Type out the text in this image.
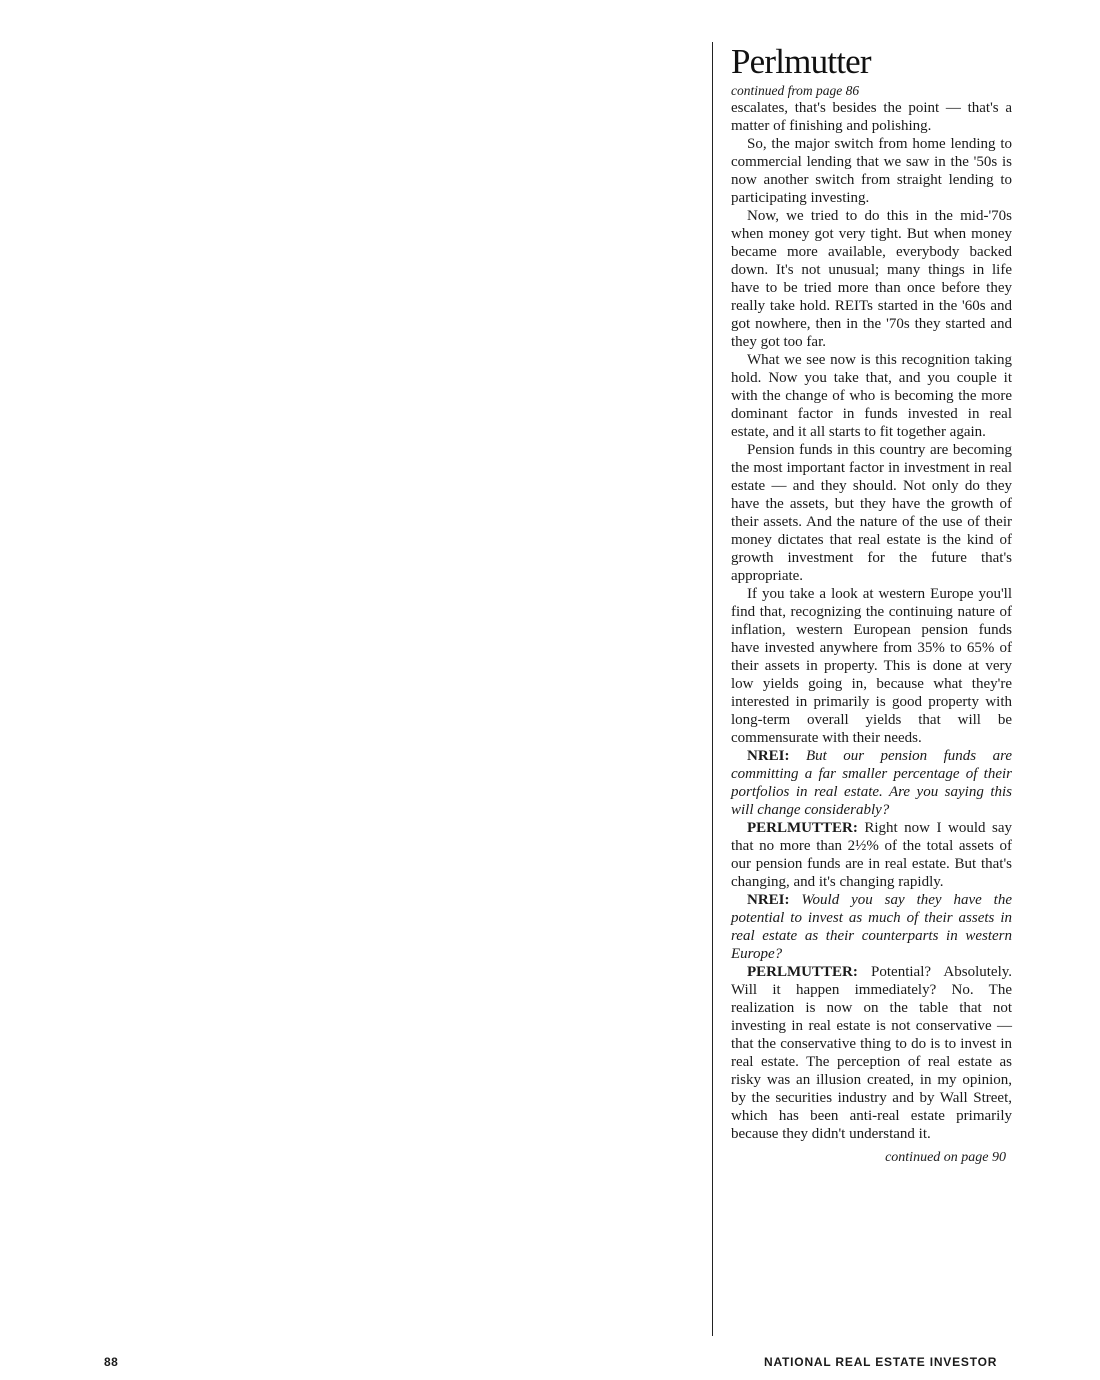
Perlmutter

continued from page 86

escalates, that's besides the point — that's a matter of finishing and polishing.

So, the major switch from home lending to commercial lending that we saw in the '50s is now another switch from straight lending to participating investing.

Now, we tried to do this in the mid-'70s when money got very tight. But when money became more available, everybody backed down. It's not unusual; many things in life have to be tried more than once before they really take hold. REITs started in the '60s and got nowhere, then in the '70s they started and they got too far.

What we see now is this recognition taking hold. Now you take that, and you couple it with the change of who is becoming the more dominant factor in funds invested in real estate, and it all starts to fit together again.

Pension funds in this country are becoming the most important factor in investment in real estate — and they should. Not only do they have the assets, but they have the growth of their assets. And the nature of the use of their money dictates that real estate is the kind of growth investment for the future that's appropriate.

If you take a look at western Europe you'll find that, recognizing the continuing nature of inflation, western European pension funds have invested anywhere from 35% to 65% of their assets in property. This is done at very low yields going in, because what they're interested in primarily is good property with long-term overall yields that will be commensurate with their needs.

NREI: But our pension funds are committing a far smaller percentage of their portfolios in real estate. Are you saying this will change considerably?

PERLMUTTER: Right now I would say that no more than 2½% of the total assets of our pension funds are in real estate. But that's changing, and it's changing rapidly.

NREI: Would you say they have the potential to invest as much of their assets in real estate as their counterparts in western Europe?

PERLMUTTER: Potential? Absolutely. Will it happen immediately? No. The realization is now on the table that not investing in real estate is not conservative — that the conservative thing to do is to invest in real estate. The perception of real estate as risky was an illusion created, in my opinion, by the securities industry and by Wall Street, which has been anti-real estate primarily because they didn't understand it.

continued on page 90

88	NATIONAL REAL ESTATE INVESTOR
